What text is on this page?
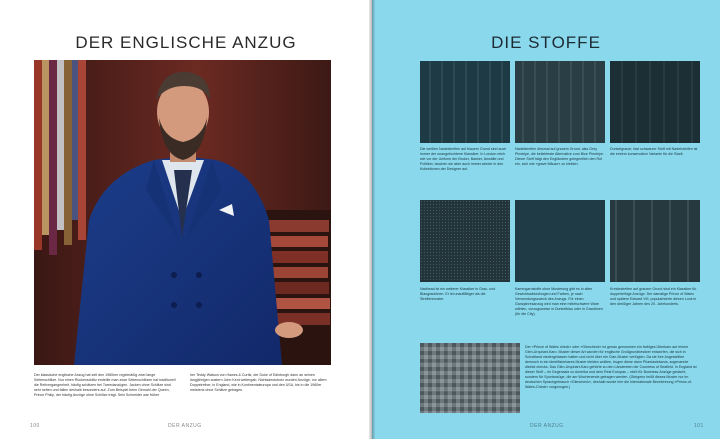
DER ENGLISCHE ANZUG
Der klassische englische Anzug hat seit den 1980ern regelmäßig zwei lange Seitenschlitze. Nur einen Rückenschlitz erstellte man zwar Seitenschlitzen hat traditionell die Reitvergangenheit, häufig schätzen bei Tweedanzügen. Jacken ohne Schlitze sind sehr selten und fallen deshalb besonders auf. Zum Beispiel beim Gemahl der Queen, Prince Philip, der häufig Anzüge ohne Schlitze trägt. Sein Schneider war früher
her Teddy Watson von Hawes & Curtis, der Duke of Edinburgh dann an seinen langjährigen austern John Kent weitergab. Nichtsdestotrotz wurden Anzüge, vor allem Doppelreiher, in England, wie in Kontinentaleuropa und den USA, bis in die 1960er meistens ohne Schlitze getragen.
100	DER ANZUG
DIE STOFFE
Die weißen Nadelstreifen auf blauem Grund sind auch immer der unangefochtene Klassiker. In London reich wie vor der Uniform der Broker, Banker, Anwälte und Politiker, tauchen sie aber auch immer wieder in den Kollektionen der Designer auf.
Nadelstreifen diesmal auf grauem Grund, also Grey Pinstripe, die beliebteste Alternative zum Blue Pinstripe. Dieser Stoff trägt den Engländern gelegentlich den Ruf ein, sich wie »grave Mäuse« zu kleiden.
Dunkelgrauer, fast schwarzer Stoff mit Nadelstreifen ist die extrem konservative Variante für die Stadt.
Nadhead ist ein weiterer Klassiker in Grau- und Blaugrautönen. Er ist unauffälliger als die Streifenmuster.
Kammgarnstoffe ohne Musterung gibt es in allen Gewichtsabstufungen und Farben, je nach Verwendungszweck des Anzugs. Für einen Ganzjahresanzug wird man eine mittelschwere Ware wählen, vorzugsweise in Dunkelblau oder in Grautönen (für die City).
Kreidestreifen auf grauem Grund sind ein Klassiker für doppelreihige Anzüge. Der damalige Prince of Wales und spätere Edward VIII. popularisierte diesen Look in den dreißiger Jahren des 20. Jahrhunderts.
Der »Prince of Wales check« oder »Glencheck« ist genau genommen ein farbiges Überkaro auf einem Glen-Urquhart-Karo. Muster dieser Art wurden für englische Großgrundbesitzer entworfen, die sich in Schottland niedergelassen hatten und nicht über ein Clan-Muster verfügten. Da sie ihre Angestellten dennoch in ein identifizierbares Muster kleiden wollten, trugen diese dann Phantasiekaros, sogenannte district checks. Das Glen-Urquhart-Karo gehörte zu den Ländereien der Countess of Seafield. In England ist dieser Stoff – im Gegensatz zu Amerika und dem Rest Europas – nicht für Business-Anzüge gedacht, sondern für Sportanzüge, die am Wochenende getragen werden. (Übrigens heißt dieses Muster nur im deutschen Sprachgebrauch »Glencheck«, deshalb wurde hier die internationale Bezeichnung »Prince-of-Wales-Check« vorgezogen.)
DER ANZUG	101
